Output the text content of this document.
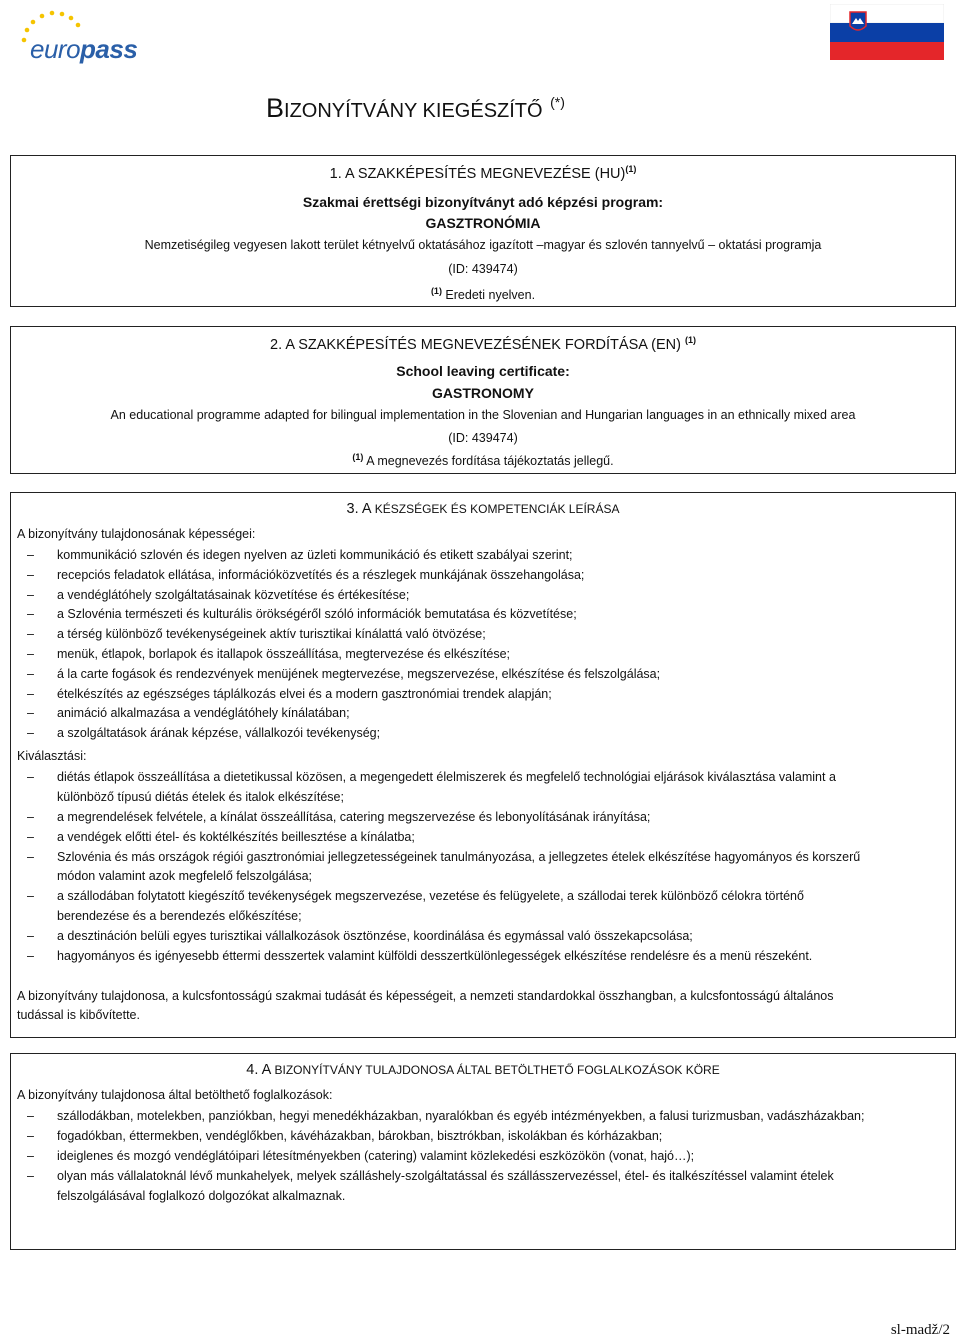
europass
BIZONYÍTVÁNY KIEGÉSZÍTŐ (*)
1. A SZAKKÉPESÍTÉS MEGNEVEZÉSE (HU)$^{(1)}$
Szakmai érettségi bizonyítványt adó képzési program:
GASZTRONÓMIA
Nemzetiségileg vegyesen lakott terület kétnyelvű oktatásához igazított –magyar és szlovén tannyelvű – oktatási programja
(ID: 439474)
$^{(1)}$ Eredeti nyelven.
2. A SZAKKÉPESÍTÉS MEGNEVEZÉSÉNEK FORDÍTÁSA (EN) $^{(1)}$
School leaving certificate:
GASTRONOMY
An educational programme adapted for bilingual implementation in the Slovenian and Hungarian languages in an ethnically mixed area
(ID: 439474)
$^{(1)}$ A megnevezés fordítása tájékoztatás jellegű.
3. A KÉSZSÉGEK ÉS KOMPETENCIÁK LEÍRÁSA
A bizonyítvány tulajdonosának képességei:
– kommunikáció szlovén és idegen nyelven az üzleti kommunikáció és etikett szabályai szerint;
– recepciós feladatok ellátása, információközvetítés és a részlegek munkájának összehangolása;
– a vendéglátóhely szolgáltatásainak közvetítése és értékesítése;
– a Szlovénia természeti és kulturális örökségéről szóló információk bemutatása és közvetítése;
– a térség különböző tevékenységeinek aktív turisztikai kínálattá való ötvözése;
– menük, étlapok, borlapok és itallapok összeállítása, megtervezése és elkészítése;
– á la carte fogások és rendezvények menüjének megtervezése, megszervezése, elkészítése és felszolgálása;
– ételkészítés az egészséges táplálkozás elvei és a modern gasztronómiai trendek alapján;
– animáció alkalmazása a vendéglátóhely kínálatában;
– a szolgáltatások árának képzése, vállalkozói tevékenység;
Kiválasztási:
– diétás étlapok összeállítása a dietetikussal közösen, a megengedett élelmiszerek és megfelelő technológiai eljárások kiválasztása valamint a
különböző típusú diétás ételek és italok elkészítése;
– a megrendelések felvétele, a kínálat összeállítása, catering megszervezése és lebonyolításának irányítása;
– a vendégek előtti étel- és koktélkészítés beillesztése a kínálatba;
– Szlovénia és más országok régiói gasztronómiai jellegzetességeinek tanulmányozása, a jellegzetes ételek elkészítése hagyományos és korszerű
módon valamint azok megfelelő felszolgálása;
– a szállodában folytatott kiegészítő tevékenységek megszervezése, vezetése és felügyelete, a szállodai terek különböző célokra történő
berendezése és a berendezés előkészítése;
– a desztináción belüli egyes turisztikai vállalkozások ösztönzése, koordinálása és egymással való összekapcsolása;
– hagyományos és igényesebb éttermi desszertek valamint külföldi desszertkülönlegességek elkészítése rendelésre és a menü részeként.
A bizonyítvány tulajdonosa, a kulcsfontosságú szakmai tudását és képességeit, a nemzeti standardokkal összhangban, a kulcsfontosságú általános
tudással is kibővítette.
4. A BIZONYÍTVÁNY TULAJDONOSA ÁLTAL BETÖLTHETŐ FOGLALKOZÁSOK KÖRE
A bizonyítvány tulajdonosa által betölthető foglalkozások:
– szállodákban, motelekben, panziókban, hegyi menedékházakban, nyaralókban és egyéb intézményekben, a falusi turizmusban, vadászházakban;
– fogadókban, éttermekben, vendéglőkben, kávéházakban, bárokban, bisztrókban, iskolákban és kórházakban;
– ideiglenes és mozgó vendéglátóipari létesítményekben (catering) valamint közlekedési eszközökön (vonat, hajó…);
– olyan más vállalatoknál lévő munkahelyek, melyek szálláshely-szolgáltatással és szállásszervezéssel, étel- és italkészítéssel valamint ételek
felszolgálásával foglalkozó dolgozókat alkalmaznak.
sl-madž/2
